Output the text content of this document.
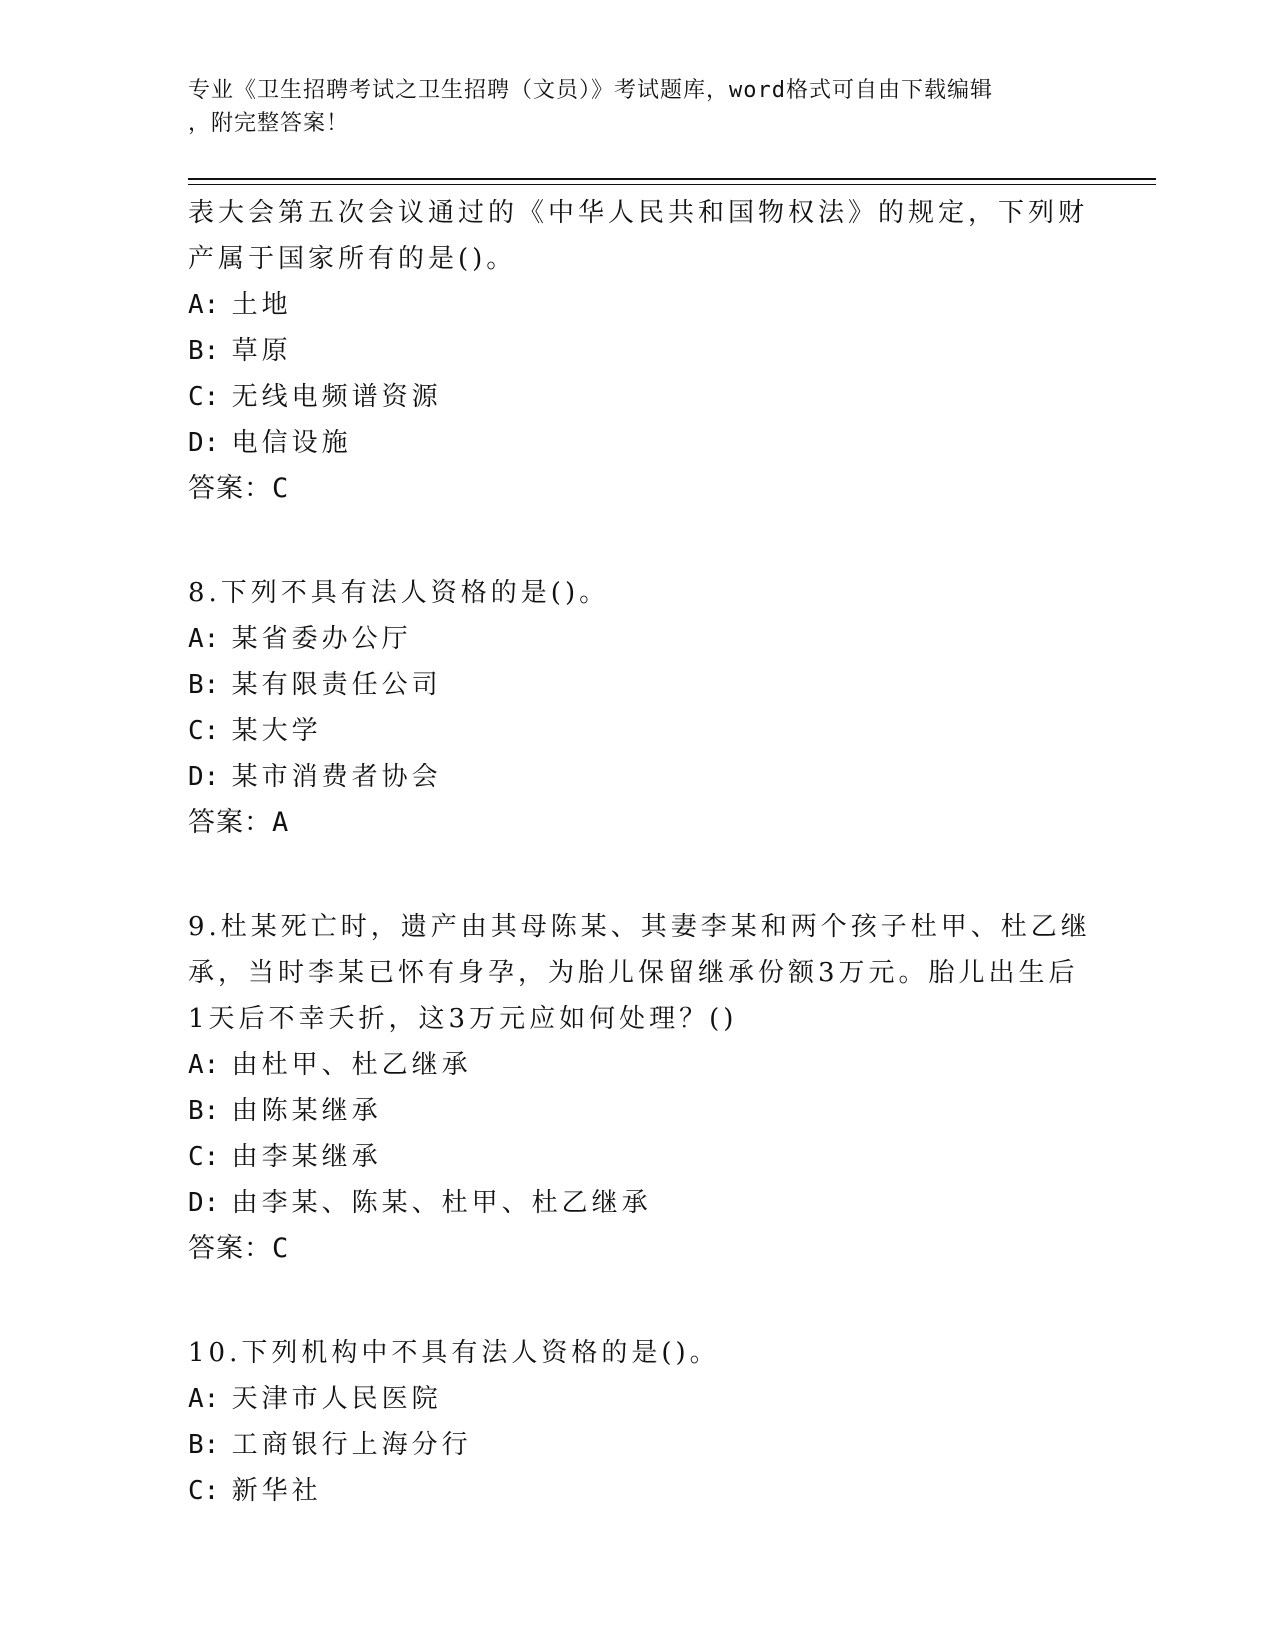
专业《卫生招聘考试之卫生招聘（文员）》考试题库，word格式可自由下载编辑
，附完整答案！
表大会第五次会议通过的《中华人民共和国物权法》的规定，下列财
产属于国家所有的是()。
A: 土地
B: 草原
C: 无线电频谱资源
D: 电信设施
答案：C
8.下列不具有法人资格的是()。
A: 某省委办公厅
B: 某有限责任公司
C: 某大学
D: 某市消费者协会
答案：A
9.杜某死亡时，遗产由其母陈某、其妻李某和两个孩子杜甲、杜乙继
承，当时李某已怀有身孕，为胎儿保留继承份额3万元。胎儿出生后
1天后不幸夭折，这3万元应如何处理？()
A: 由杜甲、杜乙继承
B: 由陈某继承
C: 由李某继承
D: 由李某、陈某、杜甲、杜乙继承
答案：C
10.下列机构中不具有法人资格的是()。
A: 天津市人民医院
B: 工商银行上海分行
C: 新华社
